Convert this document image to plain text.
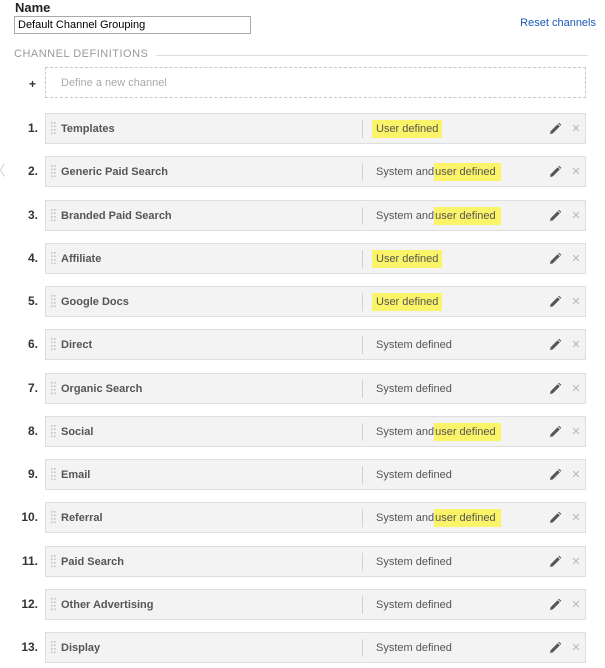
Name
Default Channel Grouping
Reset channels
CHANNEL DEFINITIONS
+ Define a new channel
1. Templates	User defined	✕
2. Generic Paid Search	System anduser defined	✕
3. Branded Paid Search	System anduser defined	✕
4. Affiliate	User defined	✕
5. Google Docs	User defined	✕
6. Direct	System defined	✕
7. Organic Search	System defined	✕
8. Social	System anduser defined	✕
9. Email	System defined	✕
10. Referral	System anduser defined	✕
11. Paid Search	System defined	✕
12. Other Advertising	System defined	✕
13. Display	System defined	✕
